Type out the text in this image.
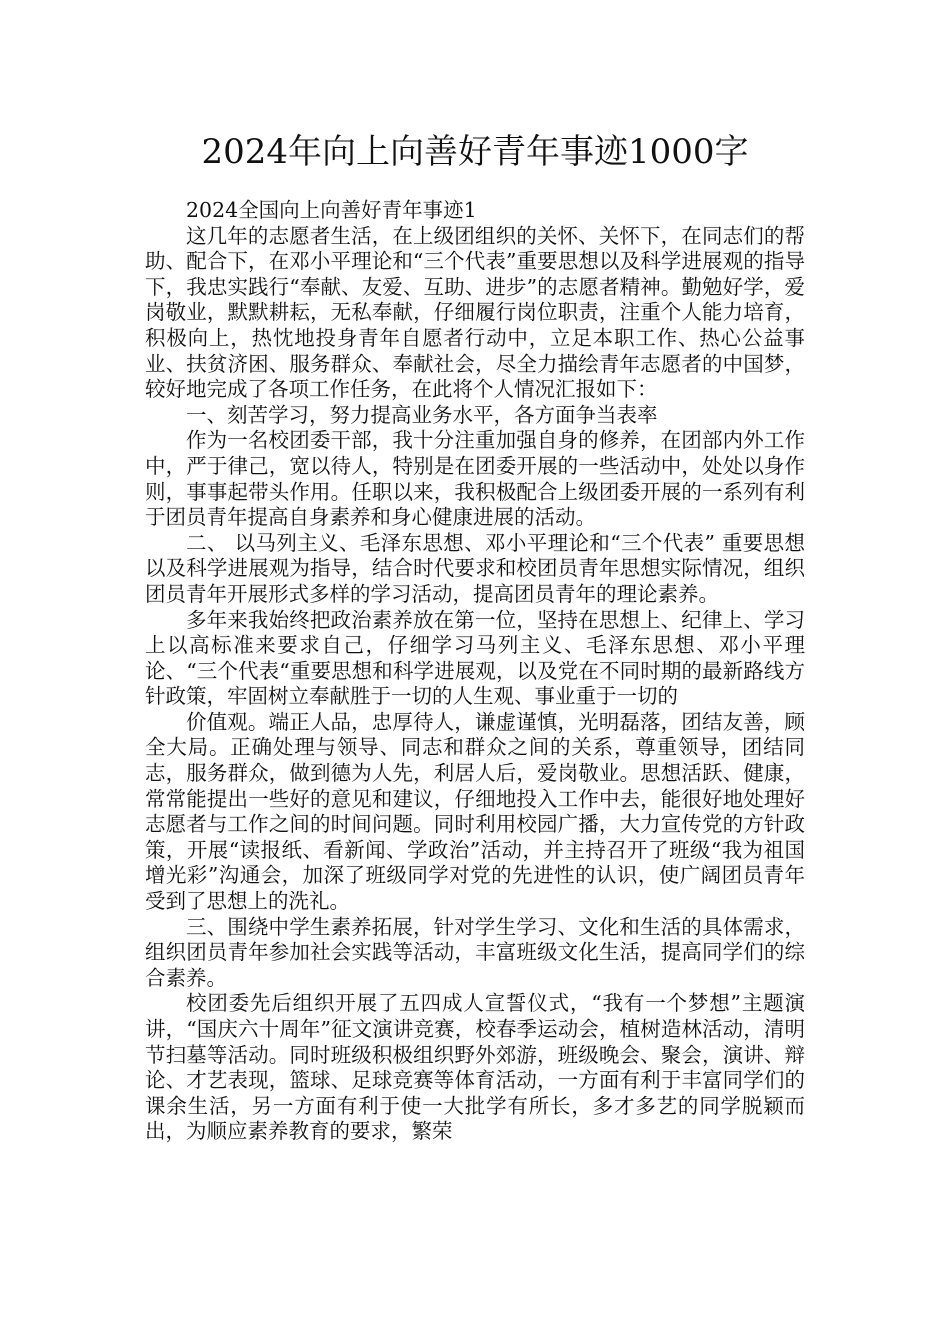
2024年向上向善好青年事迹1000字

2024全国向上向善好青年事迹1

这几年的志愿者生活，在上级团组织的关怀、关怀下，在同志们的帮助、配合下，在邓小平理论和“三个代表”重要思想以及科学进展观的指导下，我忠实践行“奉献、友爱、互助、进步”的志愿者精神。勤勉好学，爱岗敬业，默默耕耘，无私奉献，仔细履行岗位职责，注重个人能力培育，积极向上，热忱地投身青年自愿者行动中，立足本职工作、热心公益事业、扶贫济困、服务群众、奉献社会，尽全力描绘青年志愿者的中国梦，较好地完成了各项工作任务，在此将个人情况汇报如下：

一、刻苦学习，努力提高业务水平，各方面争当表率

作为一名校团委干部，我十分注重加强自身的修养，在团部内外工作中，严于律己，宽以待人，特别是在团委开展的一些活动中，处处以身作则，事事起带头作用。任职以来，我积极配合上级团委开展的一系列有利于团员青年提高自身素养和身心健康进展的活动。

二、 以马列主义、毛泽东思想、邓小平理论和“三个代表” 重要思想以及科学进展观为指导，结合时代要求和校团员青年思想实际情况，组织团员青年开展形式多样的学习活动，提高团员青年的理论素养。

多年来我始终把政治素养放在第一位，坚持在思想上、纪律上、学习上以高标准来要求自己，仔细学习马列主义、毛泽东思想、邓小平理论、“三个代表“重要思想和科学进展观，以及党在不同时期的最新路线方针政策，牢固树立奉献胜于一切的人生观、事业重于一切的

价值观。端正人品，忠厚待人，谦虚谨慎，光明磊落，团结友善，顾全大局。正确处理与领导、同志和群众之间的关系，尊重领导，团结同志，服务群众，做到德为人先，利居人后，爱岗敬业。思想活跃、健康，常常能提出一些好的意见和建议，仔细地投入工作中去，能很好地处理好志愿者与工作之间的时间问题。同时利用校园广播，大力宣传党的方针政策，开展“读报纸、看新闻、学政治”活动，并主持召开了班级“我为祖国增光彩”沟通会，加深了班级同学对党的先进性的认识，使广阔团员青年受到了思想上的洗礼。

三、围绕中学生素养拓展，针对学生学习、文化和生活的具体需求，组织团员青年参加社会实践等活动，丰富班级文化生活，提高同学们的综合素养。

校团委先后组织开展了五四成人宣誓仪式，“我有一个梦想”主题演讲，“国庆六十周年”征文演讲竞赛，校春季运动会，植树造林活动，清明节扫墓等活动。同时班级积极组织野外郊游，班级晚会、聚会，演讲、辩论、才艺表现，篮球、足球竞赛等体育活动，一方面有利于丰富同学们的课余生活，另一方面有利于使一大批学有所长，多才多艺的同学脱颖而出，为顺应素养教育的要求，繁荣
